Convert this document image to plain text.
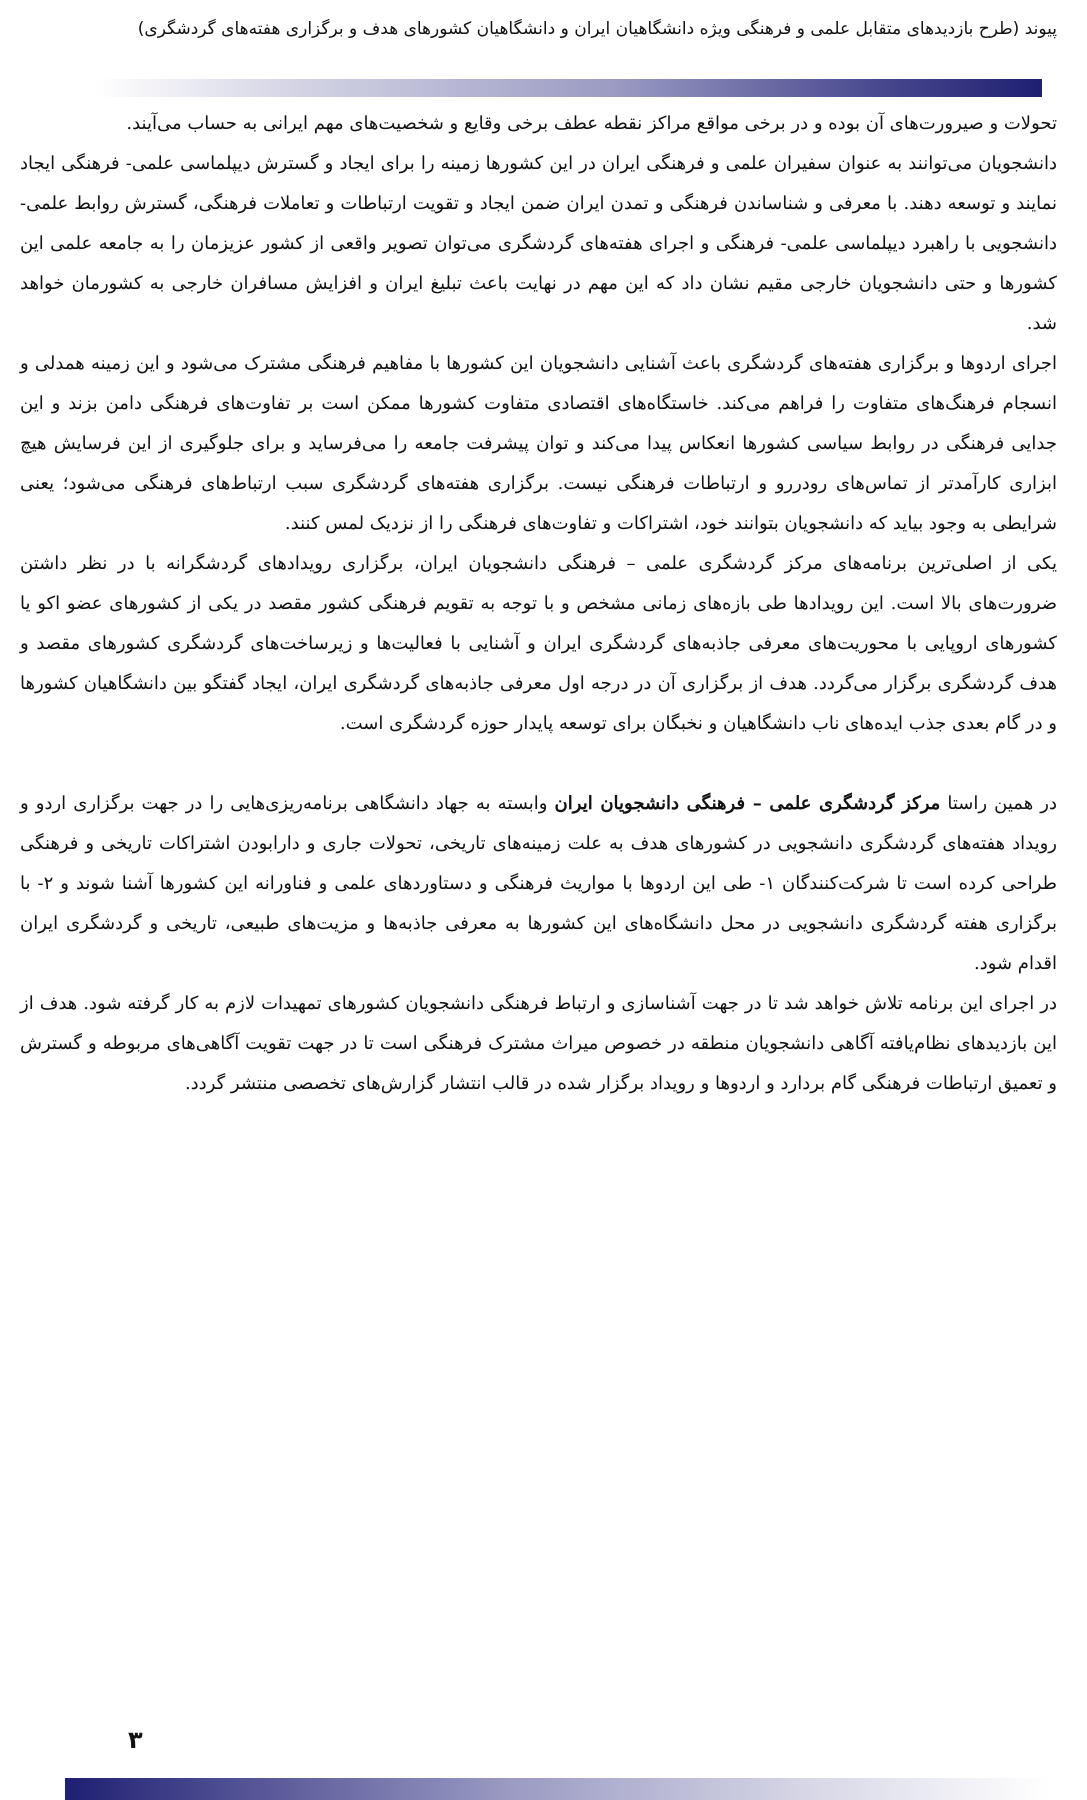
پیوند (طرح بازدیدهای متقابل علمی و فرهنگی ویژه دانشگاهیان ایران و دانشگاهیان کشورهای هدف و برگزاری هفته‌های گردشگری)

تحولات و صیرورت‌های آن بوده و در برخی مواقع مراکز نقطه عطف برخی وقایع و شخصیت‌های مهم ایرانی به حساب می‌آیند.

دانشجویان می‌توانند به عنوان سفیران علمی و فرهنگی ایران در این کشورها زمینه را برای ایجاد و گسترش دیپلماسی علمی- فرهنگی ایجاد نمایند و توسعه دهند. با معرفی و شناساندن فرهنگی و تمدن ایران ضمن ایجاد و تقویت ارتباطات و تعاملات فرهنگی، گسترش روابط علمی- دانشجویی با راهبرد دیپلماسی علمی- فرهنگی و اجرای هفته‌های گردشگری می‌توان تصویر واقعی از کشور عزیزمان را به جامعه علمی این کشورها و حتی دانشجویان خارجی مقیم نشان داد که این مهم در نهایت باعث تبلیغ ایران و افزایش مسافران خارجی به کشورمان خواهد شد.

اجرای اردوها و برگزاری هفته‌های گردشگری باعث آشنایی دانشجویان این کشورها با مفاهیم فرهنگی مشترک می‌شود و این زمینه همدلی و انسجام فرهنگ‌های متفاوت را فراهم می‌کند. خاستگاه‌های اقتصادی متفاوت کشورها ممکن است بر تفاوت‌های فرهنگی دامن بزند و این جدایی فرهنگی در روابط سیاسی کشورها انعکاس پیدا می‌کند و توان پیشرفت جامعه را می‌فرساید و برای جلوگیری از این فرسایش هیچ ابزاری کارآمدتر از تماس‌های رودررو و ارتباطات فرهنگی نیست. برگزاری هفته‌های گردشگری سبب ارتباط‌های فرهنگی می‌شود؛ یعنی شرایطی به وجود بیاید که دانشجویان بتوانند خود، اشتراکات و تفاوت‌های فرهنگی را از نزدیک لمس کنند.

یکی از اصلی‌ترین برنامه‌های مرکز گردشگری علمی – فرهنگی دانشجویان ایران، برگزاری رویدادهای گردشگرانه با در نظر داشتن ضرورت‌های بالا است. این رویدادها طی بازه‌های زمانی مشخص و با توجه به تقویم فرهنگی کشور مقصد در یکی از کشورهای عضو اکو یا کشورهای اروپایی با محوریت‌های معرفی جاذبه‌های گردشگری ایران و آشنایی با فعالیت‌ها و زیرساخت‌های گردشگری کشورهای مقصد و هدف گردشگری برگزار می‌گردد. هدف از برگزاری آن در درجه اول معرفی جاذبه‌های گردشگری ایران، ایجاد گفتگو بین دانشگاهیان کشورها و در گام بعدی جذب ایده‌های ناب دانشگاهیان و نخبگان برای توسعه پایدار حوزه گردشگری است.

در همین راستا مرکز گردشگری علمی – فرهنگی دانشجویان ایران وابسته به جهاد دانشگاهی برنامه‌ریزی‌هایی را در جهت برگزاری اردو و رویداد هفته‌های گردشگری دانشجویی در کشورهای هدف به علت زمینه‌های تاریخی، تحولات جاری و دارابودن اشتراکات تاریخی و فرهنگی طراحی کرده است تا شرکت‌کنندگان ۱- طی این اردوها با مواریث فرهنگی و دستاوردهای علمی و فناورانه این کشورها آشنا شوند و ۲- با برگزاری هفته گردشگری دانشجویی در محل دانشگاه‌های این کشورها به معرفی جاذبه‌ها و مزیت‌های طبیعی، تاریخی و گردشگری ایران اقدام شود.

در اجرای این برنامه تلاش خواهد شد تا در جهت آشناسازی و ارتباط فرهنگی دانشجویان کشورهای تمهیدات لازم به کار گرفته شود. هدف از این بازدیدهای نظام‌یافته آگاهی دانشجویان منطقه در خصوص میراث مشترک فرهنگی است تا در جهت تقویت آگاهی‌های مربوطه و گسترش و تعمیق ارتباطات فرهنگی گام بردارد و اردوها و رویداد برگزار شده در قالب انتشار گزارش‌های تخصصی منتشر گردد.

۳
